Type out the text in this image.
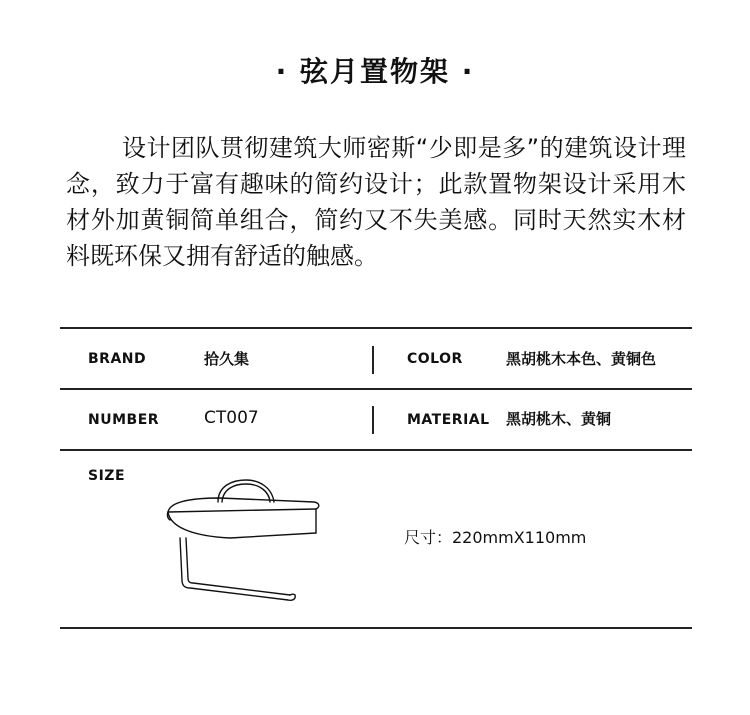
· 弦月置物架 ·
设计团队贯彻建筑大师密斯“少即是多”的建筑设计理念，致力于富有趣味的简约设计；此款置物架设计采用木材外加黄铜简单组合，简约又不失美感。同时天然实木材料既环保又拥有舒适的触感。
BRAND	拾久集	COLOR	黑胡桃木本色、黄铜色
NUMBER	CT007	MATERIAL 黑胡桃木、黄铜
SIZE
尺寸：220mmX110mm
